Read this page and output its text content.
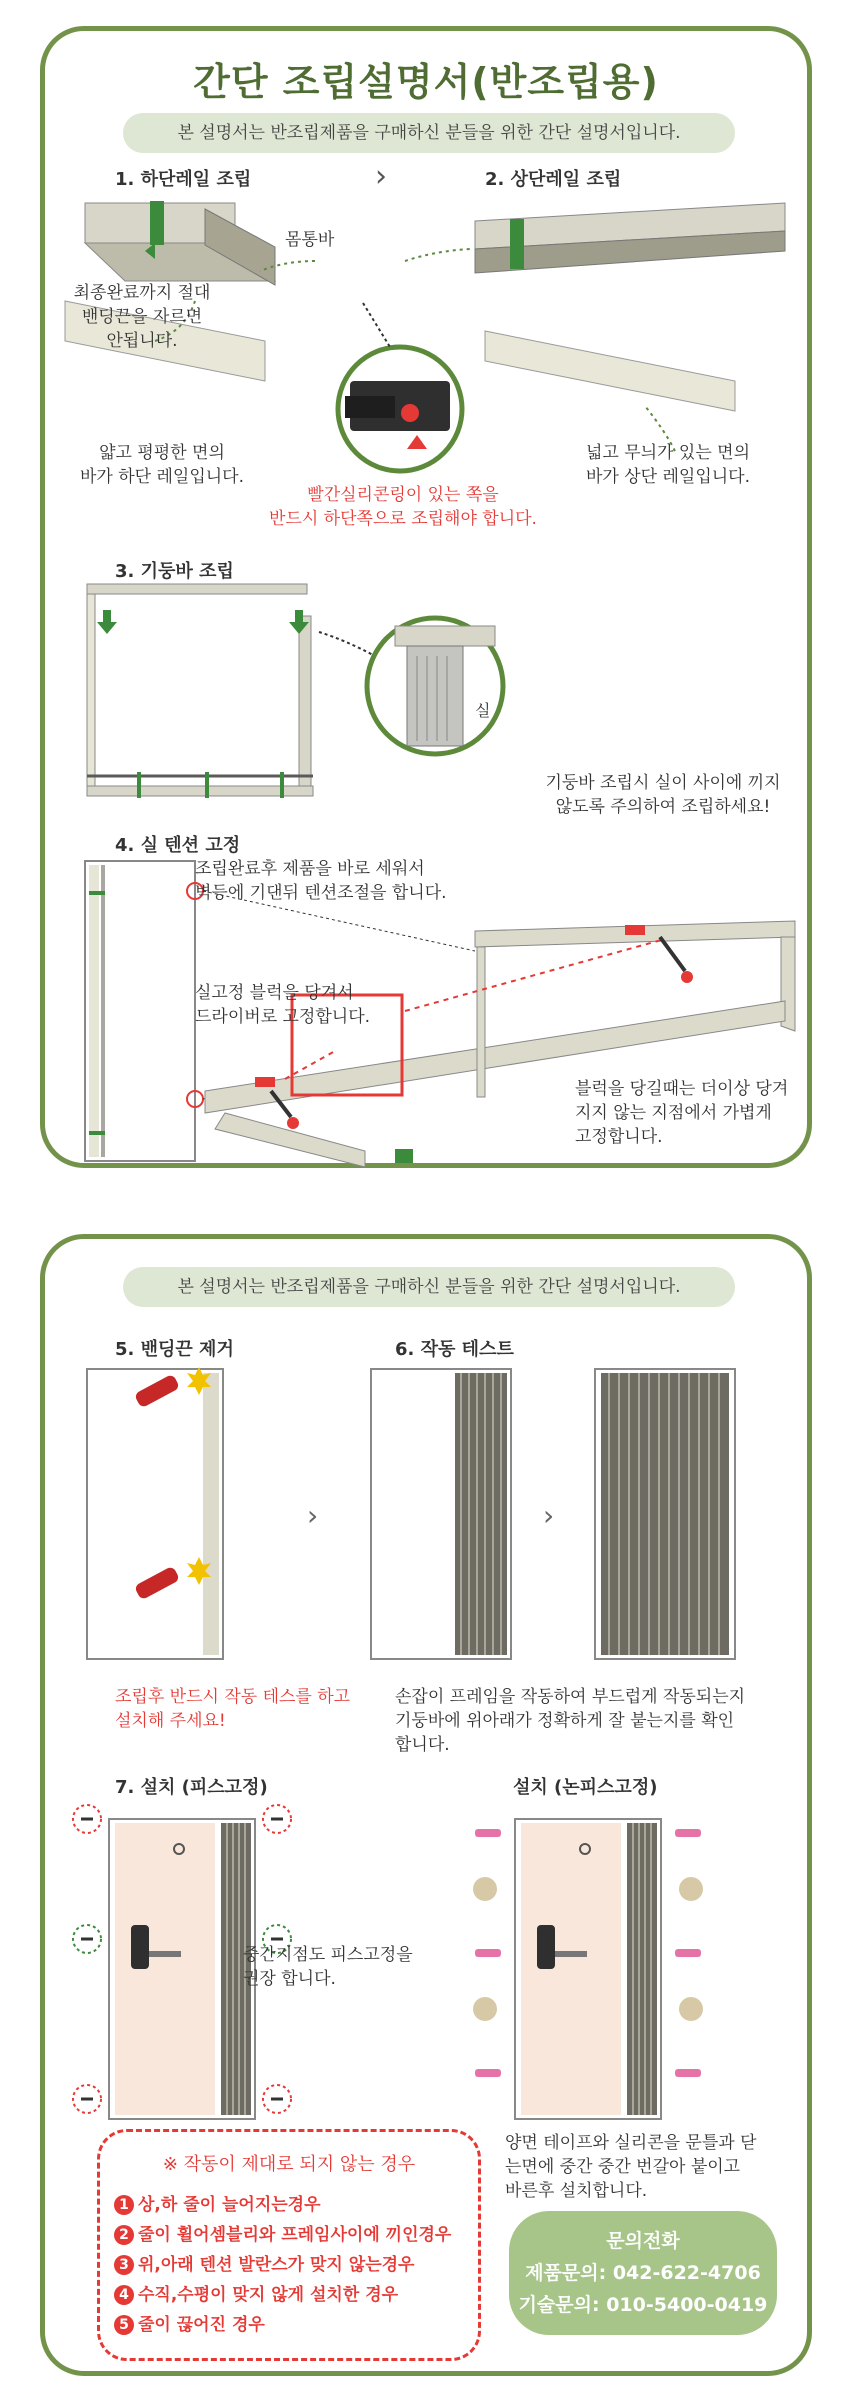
간단 조립설명서(반조립용)
본 설명서는 반조립제품을 구매하신 분들을 위한 간단 설명서입니다.
1. 하단레일 조립	›	2. 상단레일 조립
몸통바
최종완료까지 절대
밴딩끈을 자르면
안됩니다.
얇고 평평한 면의
바가 하단 레일입니다.
넓고 무늬가 있는 면의
바가 상단 레일입니다.
빨간실리콘링이 있는 쪽을
반드시 하단쪽으로 조립해야 합니다.
3. 기둥바 조립
실
기둥바 조립시 실이 사이에 끼지
않도록 주의하여 조립하세요!
4. 실 텐션 고정
조립완료후 제품을 바로 세워서
벽등에 기댄뒤 텐션조절을 합니다.
실고정 블럭을 당겨서
드라이버로 고정합니다.
블럭을 당길때는 더이상 당겨
지지 않는 지점에서 가볍게
고정합니다.
본 설명서는 반조립제품을 구매하신 분들을 위한 간단 설명서입니다.
5. 밴딩끈 제거	6. 작동 테스트
›	›
조립후 반드시 작동 테스를 하고
설치해 주세요!
손잡이 프레임을 작동하여 부드럽게 작동되는지
기둥바에 위아래가 정확하게 잘 붙는지를 확인
합니다.
7. 설치 (피스고정)	설치 (논피스고정)
중간지점도 피스고정을
권장 합니다.
양면 테이프와 실리콘을 문틀과 닫
는면에 중간 중간 번갈아 붙이고
바른후 설치합니다.
※ 작동이 제대로 되지 않는 경우
1 상,하 줄이 늘어지는경우
2 줄이 휠어셈블리와 프레임사이에 끼인경우
3 위,아래 텐션 발란스가 맞지 않는경우
4 수직,수평이 맞지 않게 설치한 경우
5 줄이 끊어진 경우
문의전화
제품문의: 042-622-4706
기술문의: 010-5400-0419
